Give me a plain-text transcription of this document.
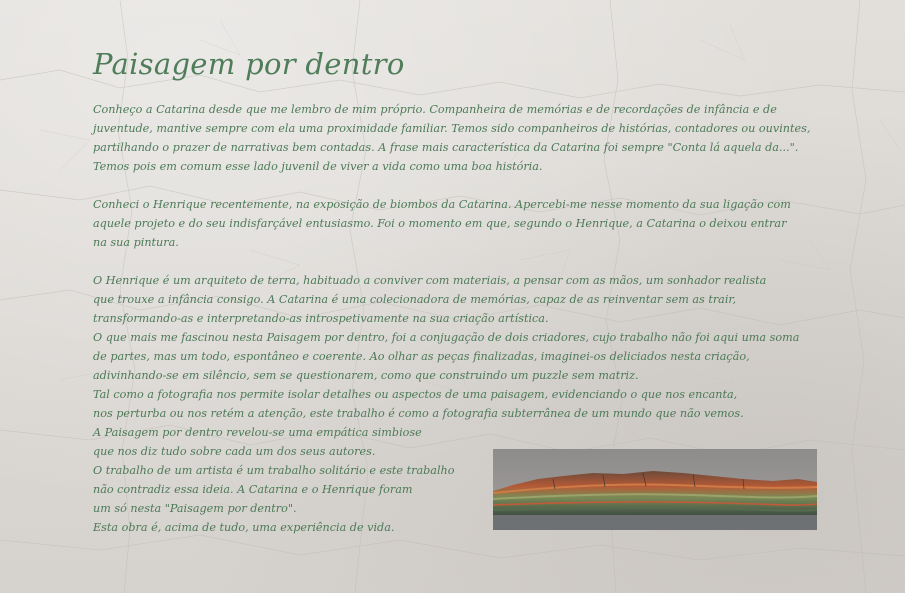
Paisagem por dentro

Conheço a Catarina desde que me lembro de mim próprio. Companheira de memórias e de recordações de infância e de
juventude, mantive sempre com ela uma proximidade familiar. Temos sido companheiros de histórias, contadores ou ouvintes,
partilhando o prazer de narrativas bem contadas. A frase mais característica da Catarina foi sempre "Conta lá aquela da...".
Temos pois em comum esse lado juvenil de viver a vida como uma boa história.

Conheci o Henrique recentemente, na exposição de biombos da Catarina. Apercebi-me nesse momento da sua ligação com
aquele projeto e do seu indisfarçável entusiasmo. Foi o momento em que, segundo o Henrique, a Catarina o deixou entrar
na sua pintura.

O Henrique é um arquiteto de terra, habituado a conviver com materiais, a pensar com as mãos, um sonhador realista
que trouxe a infância consigo. A Catarina é uma colecionadora de memórias, capaz de as reinventar sem as trair,
transformando-as e interpretando-as introspetivamente na sua criação artística.
O que mais me fascinou nesta Paisagem por dentro, foi a conjugação de dois criadores, cujo trabalho não foi aqui uma soma
de partes, mas um todo, espontâneo e coerente. Ao olhar as peças finalizadas, imaginei-os deliciados nesta criação,
adivinhando-se em silêncio, sem se questionarem, como que construindo um puzzle sem matriz.
Tal como a fotografia nos permite isolar detalhes ou aspectos de uma paisagem, evidenciando o que nos encanta,
nos perturba ou nos retém a atenção, este trabalho é como a fotografia subterrânea de um mundo que não vemos.
A Paisagem por dentro revelou-se uma empática simbiose
que nos diz tudo sobre cada um dos seus autores.
O trabalho de um artista é um trabalho solitário e este trabalho
não contradiz essa ideia. A Catarina e o Henrique foram
um só nesta "Paisagem por dentro".
Esta obra é, acima de tudo, uma experiência de vida.
